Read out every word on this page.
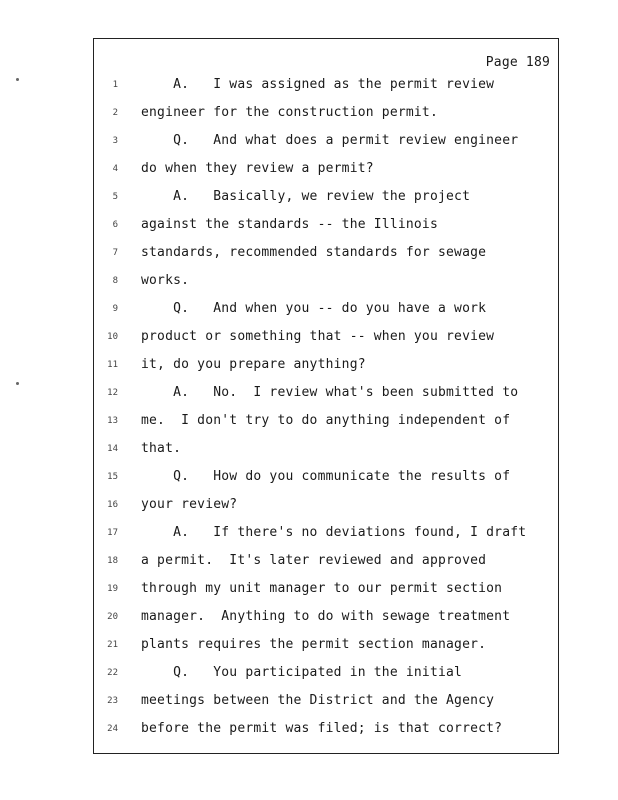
Page 189
1 A.   I was assigned as the permit review
2 engineer for the construction permit.
3 Q.   And what does a permit review engineer
4 do when they review a permit?
5 A.   Basically, we review the project
6 against the standards -- the Illinois
7 standards, recommended standards for sewage
8 works.
9 Q.   And when you -- do you have a work
10 product or something that -- when you review
11 it, do you prepare anything?
12 A.   No.  I review what's been submitted to
13 me.  I don't try to do anything independent of
14 that.
15 Q.   How do you communicate the results of
16 your review?
17 A.   If there's no deviations found, I draft
18 a permit.  It's later reviewed and approved
19 through my unit manager to our permit section
20 manager.  Anything to do with sewage treatment
21 plants requires the permit section manager.
22 Q.   You participated in the initial
23 meetings between the District and the Agency
24 before the permit was filed; is that correct?
